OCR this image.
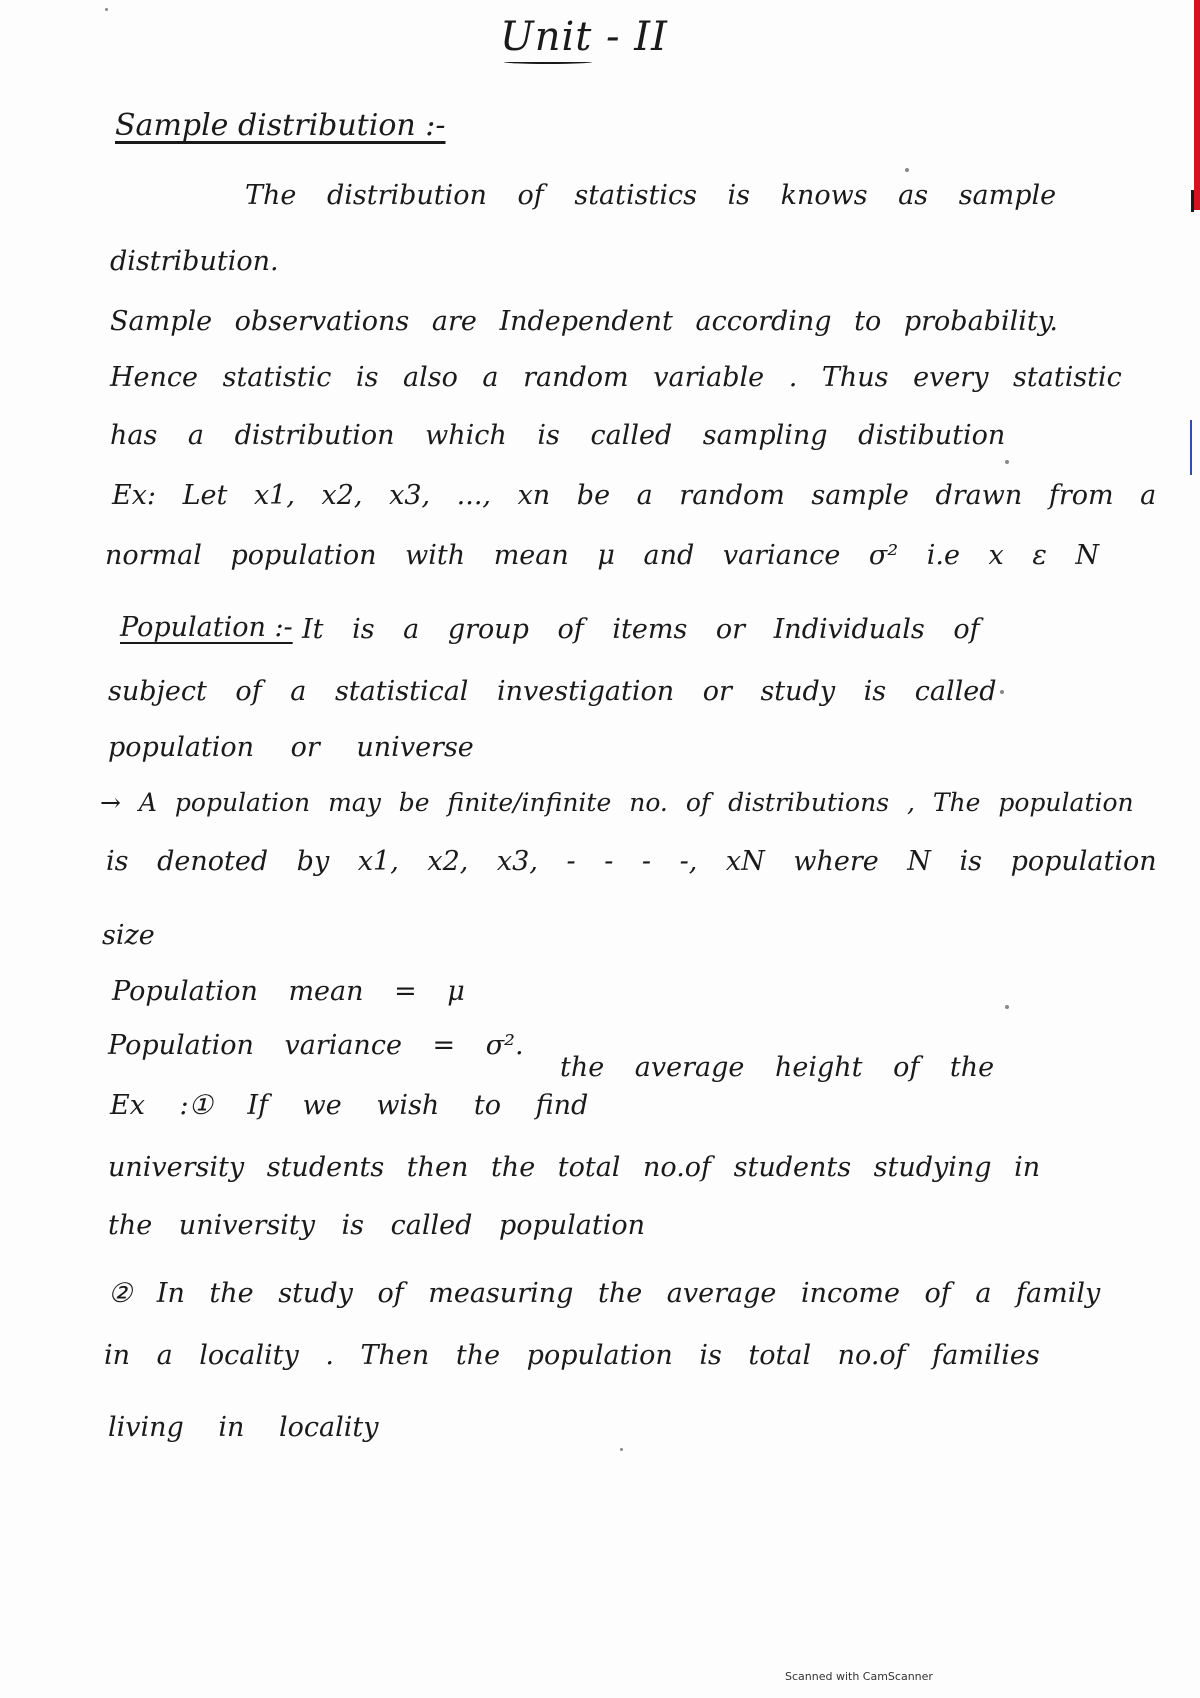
Unit - II
Sample distribution :-
The distribution of statistics is knows as sample
distribution.
Sample observations are Independent according to probability.
Hence statistic is also a random variable . Thus every statistic
has a distribution which is called sampling distibution
Ex: Let x1, x2, x3, ..., xn be a random sample drawn from a
normal population with mean μ and variance σ² i.e x ε N
Population :- It is a group of items or Individuals of
subject of a statistical investigation or study is called
population or universe
→ A population may be finite/infinite no. of distributions , The population
is denoted by x1, x2, x3, - - - -, xN where N is population
size
Population mean = μ
Population variance = σ².
the average height of the
Ex :① If we wish to find
university students then the total no.of students studying in
the university is called population
② In the study of measuring the average income of a family
in a locality . Then the population is total no.of families
living in locality
Scanned with CamScanner
